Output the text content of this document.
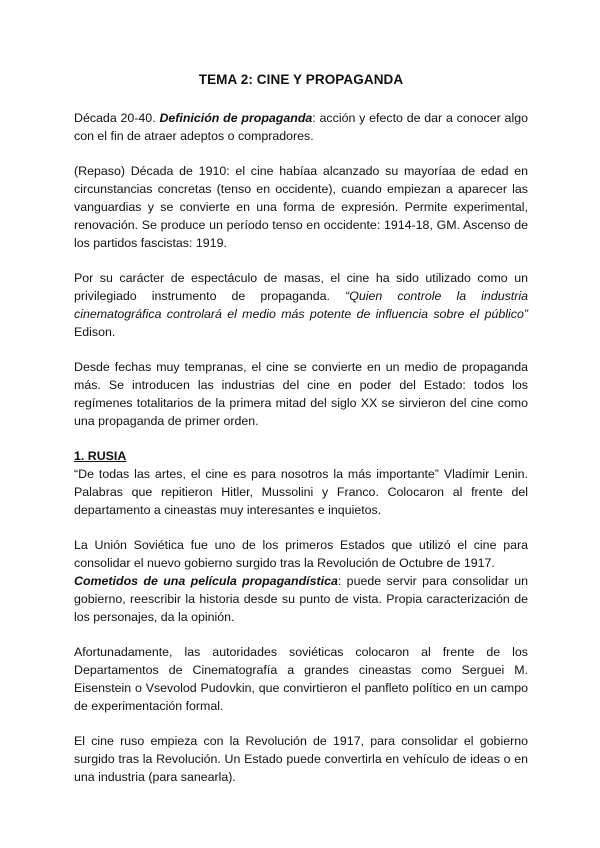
TEMA 2: CINE Y PROPAGANDA

Década 20-40. Definición de propaganda: acción y efecto de dar a conocer algo con el fin de atraer adeptos o compradores.

(Repaso) Década de 1910: el cine habíaa alcanzado su mayoríaa de edad en circunstancias concretas (tenso en occidente), cuando empiezan a aparecer las vanguardias y se convierte en una forma de expresión. Permite experimental, renovación. Se produce un período tenso en occidente: 1914-18, GM. Ascenso de los partidos fascistas: 1919.

Por su carácter de espectáculo de masas, el cine ha sido utilizado como un privilegiado instrumento de propaganda. “Quien controle la industria cinematográfica controlará el medio más potente de influencia sobre el público” Edison.

Desde fechas muy tempranas, el cine se convierte en un medio de propaganda más. Se introducen las industrias del cine en poder del Estado: todos los regímenes totalitarios de la primera mitad del siglo XX se sirvieron del cine como una propaganda de primer orden.

1. RUSIA

“De todas las artes, el cine es para nosotros la más importante” Vladímir Lenin. Palabras que repitieron Hitler, Mussolini y Franco. Colocaron al frente del departamento a cineastas muy interesantes e inquietos.

La Unión Soviética fue uno de los primeros Estados que utilizó el cine para consolidar el nuevo gobierno surgido tras la Revolución de Octubre de 1917.

Cometidos de una película propagandística: puede servir para consolidar un gobierno, reescribir la historia desde su punto de vista. Propia caracterización de los personajes, da la opinión.

Afortunadamente, las autoridades soviéticas colocaron al frente de los Departamentos de Cinematografía a grandes cineastas como Serguei M. Eisenstein o Vsevolod Pudovkin, que convirtieron el panfleto político en un campo de experimentación formal.

El cine ruso empieza con la Revolución de 1917, para consolidar el gobierno surgido tras la Revolución. Un Estado puede convertirla en vehículo de ideas o en una industria (para sanearla).
